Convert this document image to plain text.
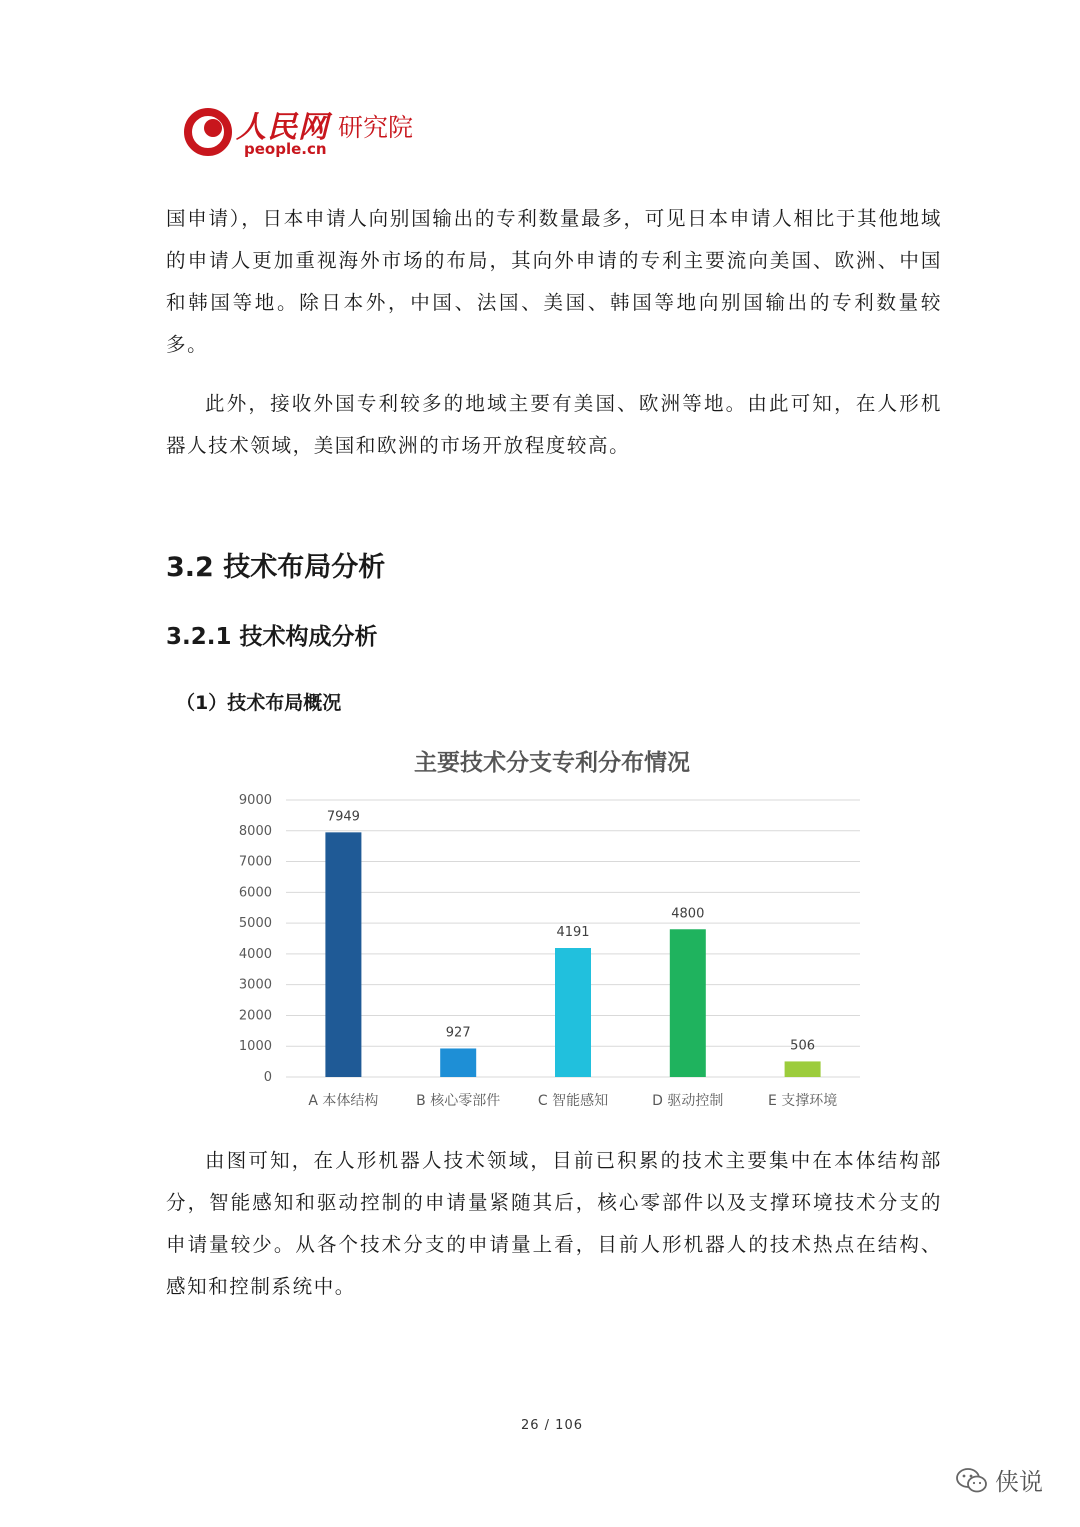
人民网 研究院
people.cn

国申请），日本申请人向别国输出的专利数量最多，可见日本申请人相比于其他地域的申请人更加重视海外市场的布局，其向外申请的专利主要流向美国、欧洲、中国和韩国等地。除日本外，中国、法国、美国、韩国等地向别国输出的专利数量较多。

此外，接收外国专利较多的地域主要有美国、欧洲等地。由此可知，在人形机器人技术领域，美国和欧洲的市场开放程度较高。

3.2 技术布局分析
3.2.1 技术构成分析
（1）技术布局概况
主要技术分支专利分布情况
0
1000
2000
3000
4000
5000
6000
7000
8000
9000
7949
A 本体结构
927
B 核心零部件
4191
C 智能感知
4800
D 驱动控制
506
E 支撑环境

由图可知，在人形机器人技术领域，目前已积累的技术主要集中在本体结构部分，智能感知和驱动控制的申请量紧随其后，核心零部件以及支撑环境技术分支的申请量较少。从各个技术分支的申请量上看，目前人形机器人的技术热点在结构、感知和控制系统中。

26 / 106
侠说
